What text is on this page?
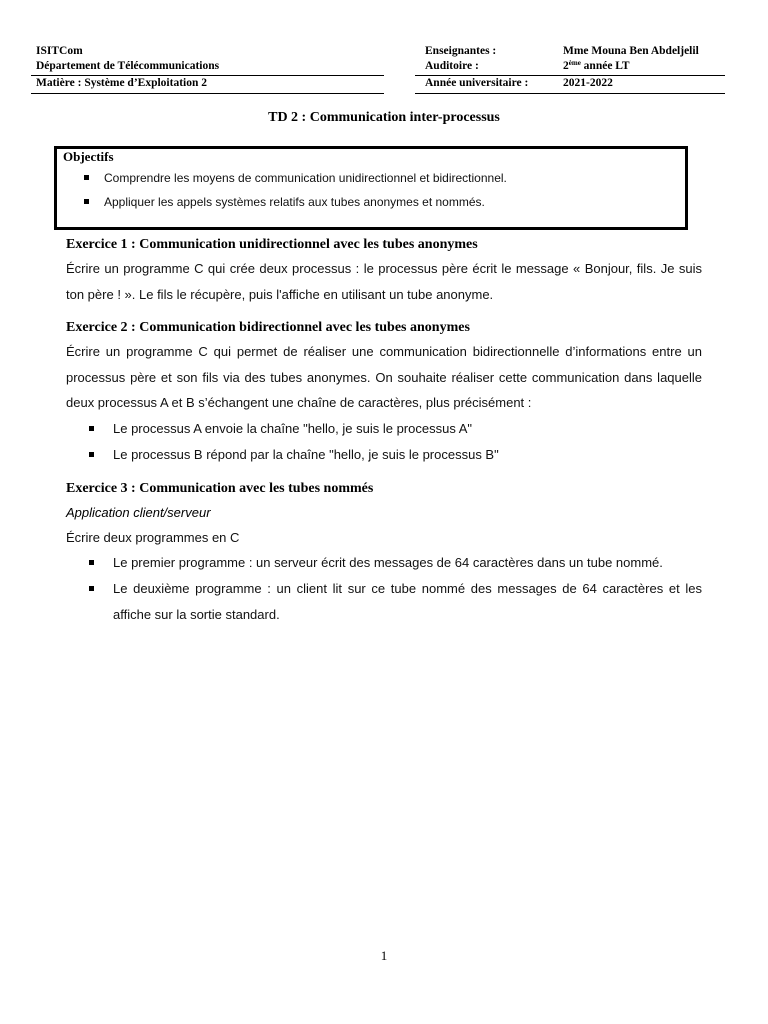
ISITCom
Département de Télécommunications
Enseignantes :
Auditoire :
Mme Mouna Ben Abdeljelil
2ème année LT
Matière : Système d’Exploitation 2	Année universitaire :	2021-2022
TD 2 : Communication inter-processus
Objectifs
Comprendre les moyens de communication unidirectionnel et bidirectionnel.
Appliquer les appels systèmes relatifs aux tubes anonymes et nommés.

Exercice 1 : Communication unidirectionnel avec les tubes anonymes

Écrire un programme C qui crée deux processus : le processus père écrit le message « Bonjour, fils. Je suis ton père ! ». Le fils le récupère, puis l'affiche en utilisant un tube anonyme.

Exercice 2 : Communication bidirectionnel avec les tubes anonymes

Écrire un programme C qui permet de réaliser une communication bidirectionnelle d’informations entre un processus père et son fils via des tubes anonymes. On souhaite réaliser cette communication dans laquelle deux processus A et B s’échangent une chaîne de caractères, plus précisément :

Le processus A envoie la chaîne "hello, je suis le processus A"
Le processus B répond par la chaîne "hello, je suis le processus B"

Exercice 3 : Communication avec les tubes nommés

Application client/serveur

Écrire deux programmes en C

Le premier programme : un serveur écrit des messages de 64 caractères dans un tube nommé.
Le deuxième programme : un client lit sur ce tube nommé des messages de 64 caractères et les affiche sur la sortie standard.
1
